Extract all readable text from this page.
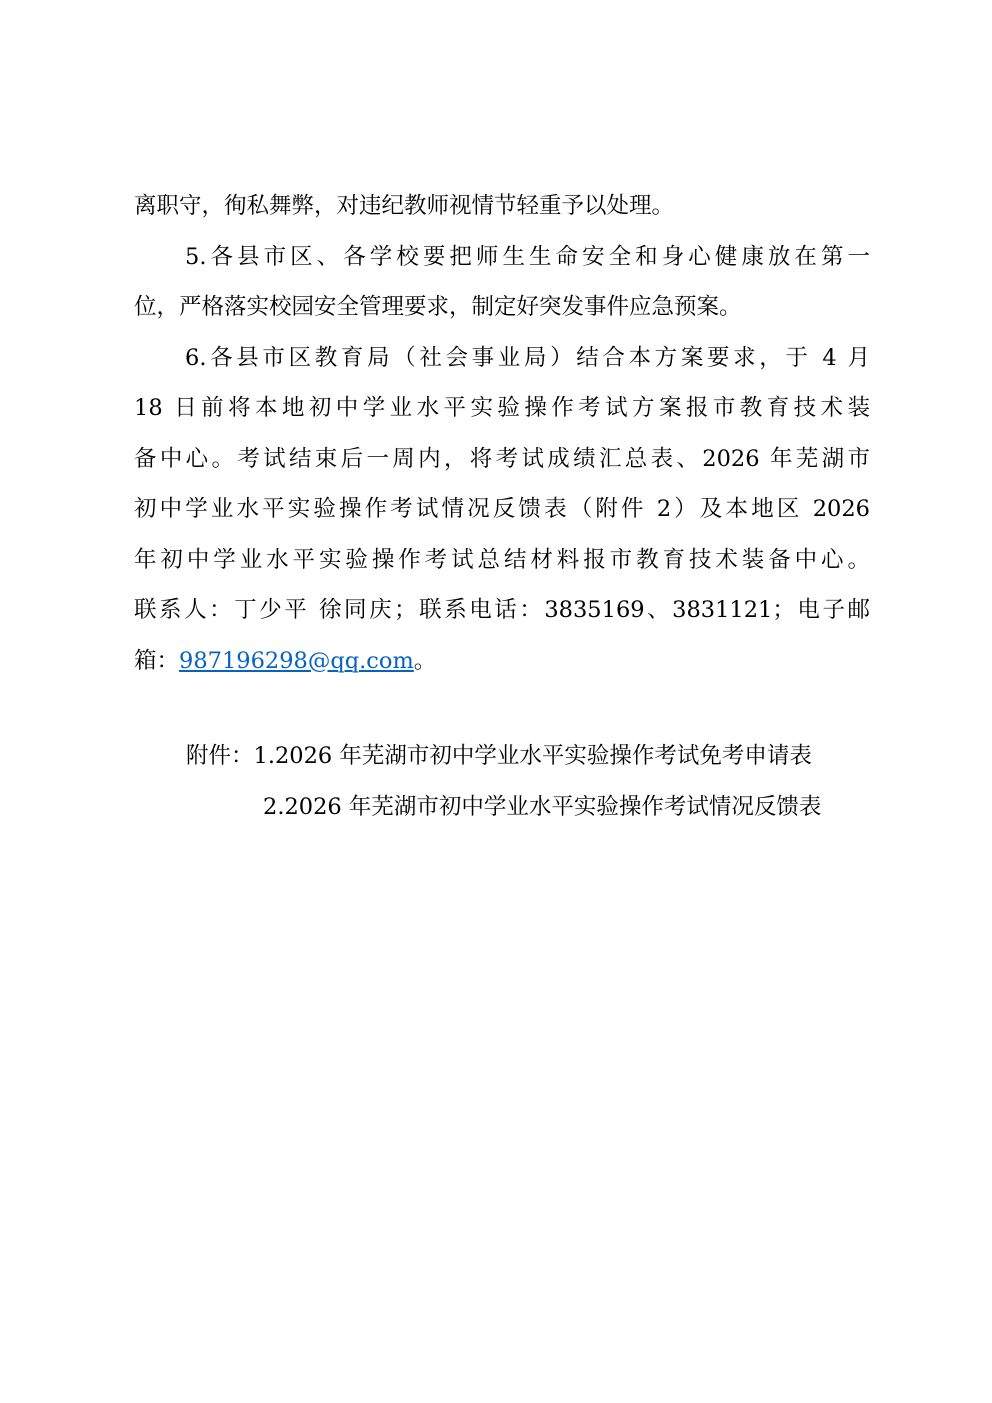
离职守，徇私舞弊，对违纪教师视情节轻重予以处理。
5.各县市区、各学校要把师生生命安全和身心健康放在第一
位，严格落实校园安全管理要求，制定好突发事件应急预案。
6.各县市区教育局（社会事业局）结合本方案要求，于 4 月
18 日前将本地初中学业水平实验操作考试方案报市教育技术装
备中心。考试结束后一周内，将考试成绩汇总表、2026 年芜湖市
初中学业水平实验操作考试情况反馈表（附件 2）及本地区 2026
年初中学业水平实验操作考试总结材料报市教育技术装备中心。
联系人：丁少平 徐同庆；联系电话：3835169、3831121；电子邮
箱：987196298@qq.com。
附件：1.2026 年芜湖市初中学业水平实验操作考试免考申请表
2.2026 年芜湖市初中学业水平实验操作考试情况反馈表
